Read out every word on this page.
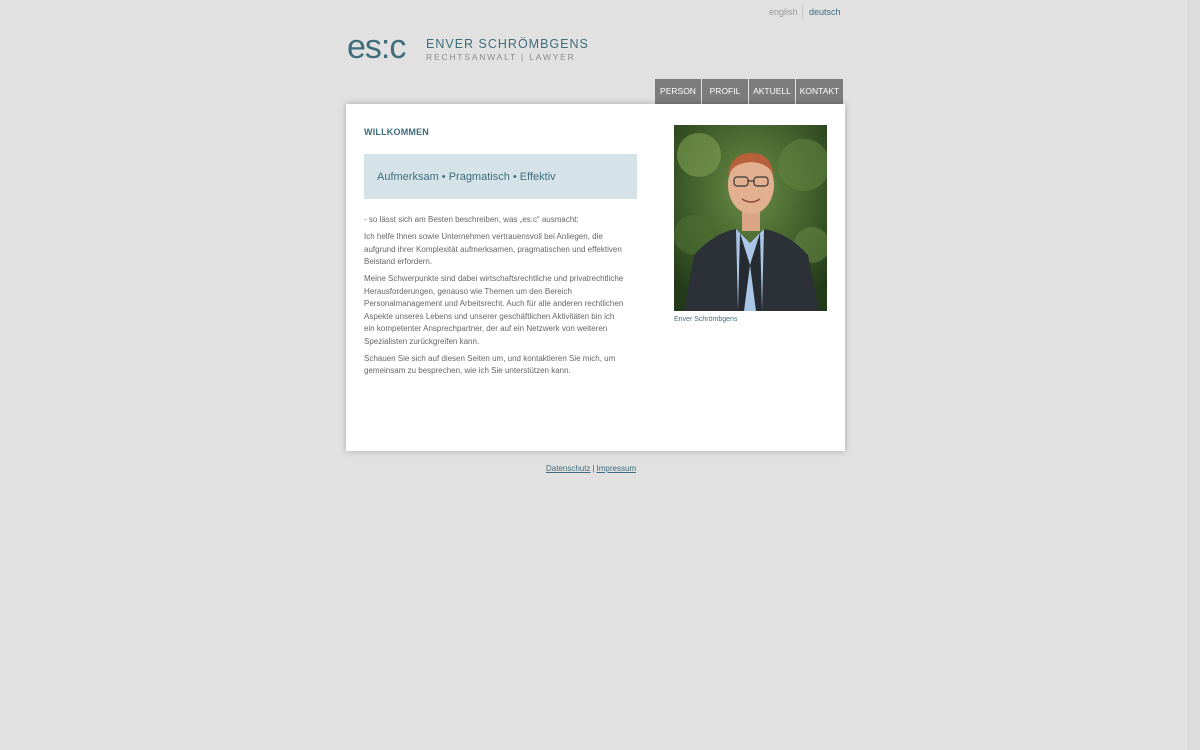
english deutsch
es:c ENVER SCHRÖMBGENS
RECHTSANWALT | LAWYER
PERSON	PROFIL	AKTUELL	KONTAKT
WILLKOMMEN
Aufmerksam • Pragmatisch • Effektiv

- so lässt sich am Besten beschreiben, was „es:c“ ausmacht:

Ich helfe Ihnen sowie Unternehmen vertrauensvoll bei Anliegen, die aufgrund ihrer Komplexität aufmerksamen, pragmatischen und effektiven Beistand erfordern.

Meine Schwerpunkte sind dabei wirtschaftsrechtliche und privatrechtliche Herausforderungen, genauso wie Themen um den Bereich Personalmanagement und Arbeitsrecht. Auch für alle anderen rechtlichen Aspekte unseres Lebens und unserer geschäftlichen Aktivitäten bin ich ein kompetenter Ansprechpartner, der auf ein Netzwerk von weiteren Spezialisten zurückgreifen kann.

Schauen Sie sich auf diesen Seiten um, und kontaktieren Sie mich, um gemeinsam zu besprechen, wie ich Sie unterstützen kann.

Enver Schrömbgens
Datenschutz | Impressum
